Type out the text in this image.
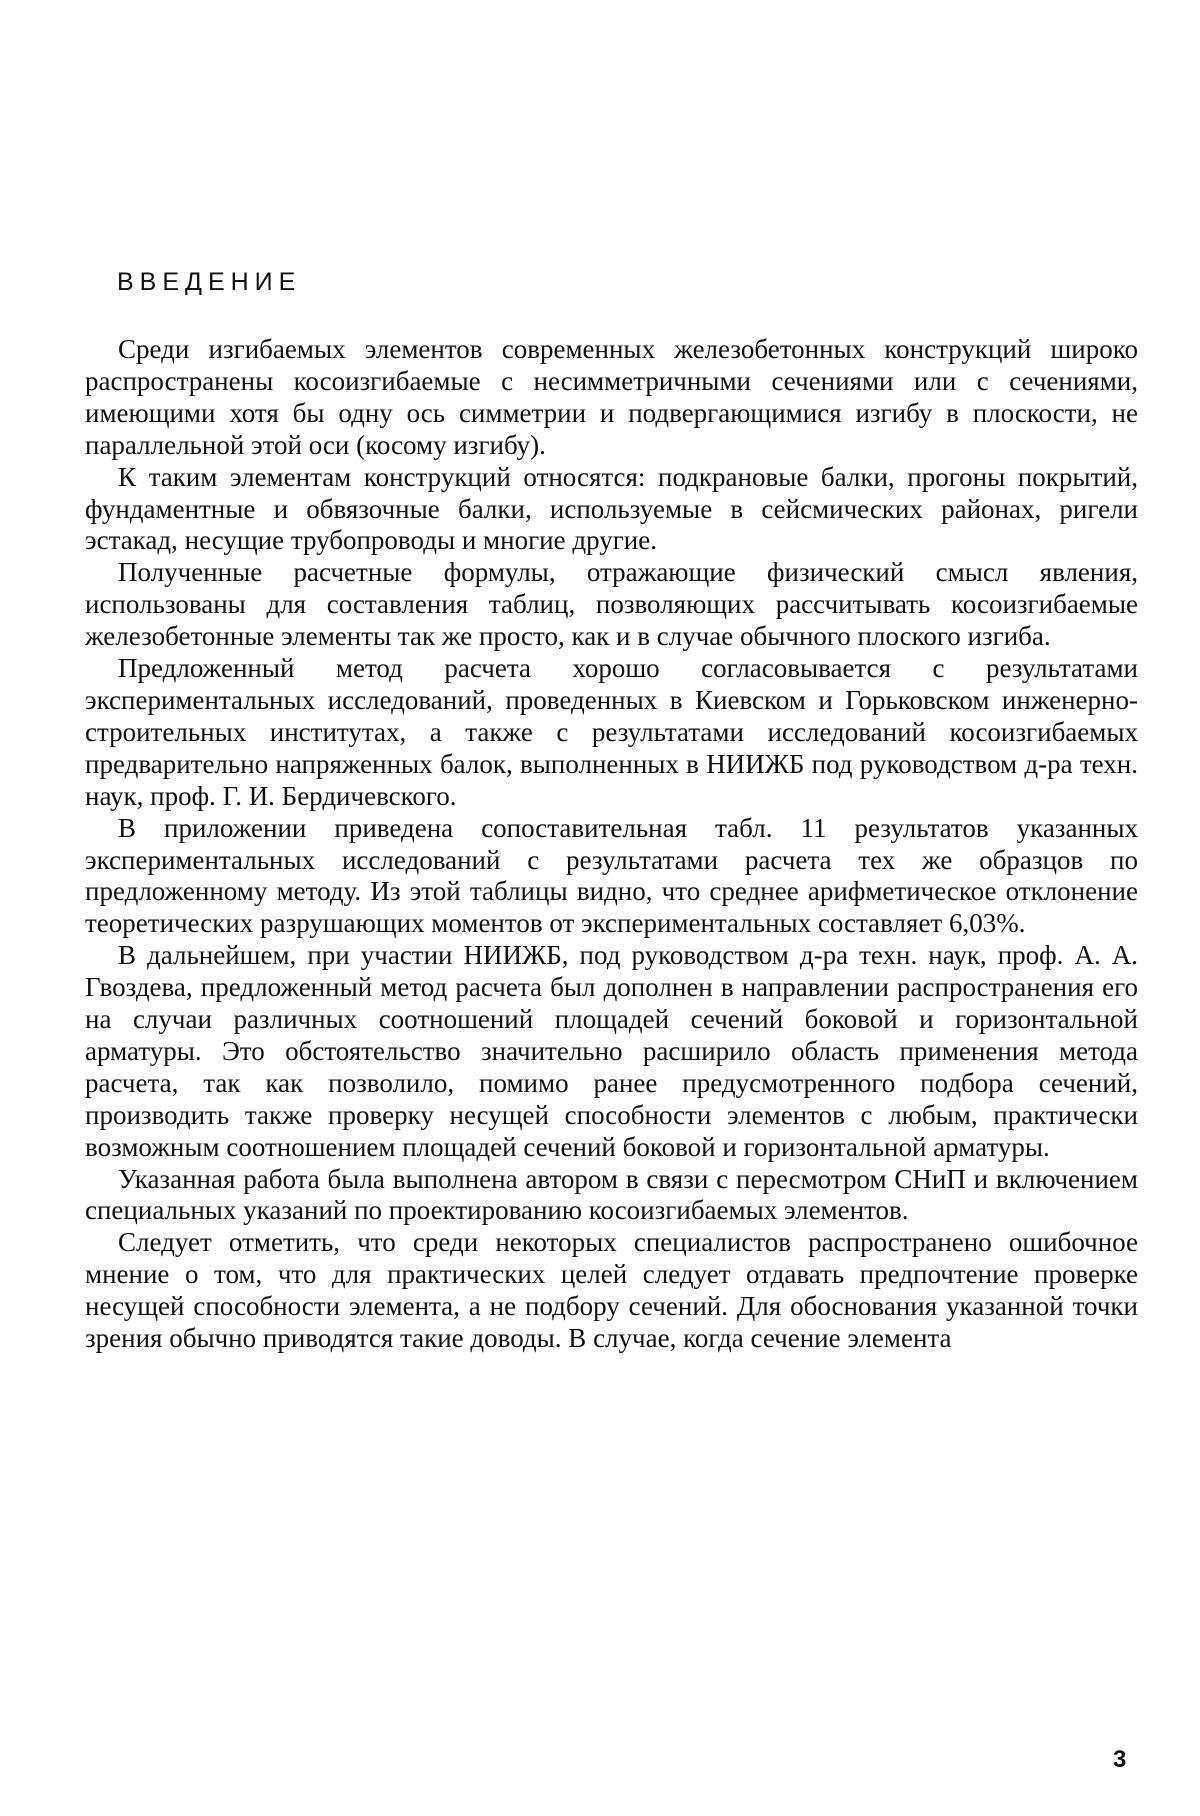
ВВЕДЕНИЕ

Среди изгибаемых элементов современных железобетонных конструкций широко распространены косоизгибаемые с несимметричными сечениями или с сечениями, имеющими хотя бы одну ось симметрии и подвергающимися изгибу в плоскости, не параллельной этой оси (косому изгибу).

К таким элементам конструкций относятся: подкрановые балки, прогоны покрытий, фундаментные и обвязочные балки, используемые в сейсмических районах, ригели эстакад, несущие трубопроводы и многие другие.

Полученные расчетные формулы, отражающие физический смысл явления, использованы для составления таблиц, позволяющих рассчитывать косоизгибаемые железобетонные элементы так же просто, как и в случае обычного плоского изгиба.

Предложенный метод расчета хорошо согласовывается с результатами экспериментальных исследований, проведенных в Киевском и Горьковском инженерно-строительных институтах, а также с результатами исследований косоизгибаемых предварительно напряженных балок, выполненных в НИИЖБ под руководством д-ра техн. наук, проф. Г. И. Бердичевского.

В приложении приведена сопоставительная табл. 11 результатов указанных экспериментальных исследований с результатами расчета тех же образцов по предложенному методу. Из этой таблицы видно, что среднее арифметическое отклонение теоретических разрушающих моментов от экспериментальных составляет 6,03%.

В дальнейшем, при участии НИИЖБ, под руководством д-ра техн. наук, проф. А. А. Гвоздева, предложенный метод расчета был дополнен в направлении распространения его на случаи различных соотношений площадей сечений боковой и горизонтальной арматуры. Это обстоятельство значительно расширило область применения метода расчета, так как позволило, помимо ранее предусмотренного подбора сечений, производить также проверку несущей способности элементов с любым, практически возможным соотношением площадей сечений боковой и горизонтальной арматуры.

Указанная работа была выполнена автором в связи с пересмотром СНиП и включением специальных указаний по проектированию косоизгибаемых элементов.

Следует отметить, что среди некоторых специалистов распространено ошибочное мнение о том, что для практических целей следует отдавать предпочтение проверке несущей способности элемента, а не подбору сечений. Для обоснования указанной точки зрения обычно приводятся такие доводы. В случае, когда сечение элемента

3
